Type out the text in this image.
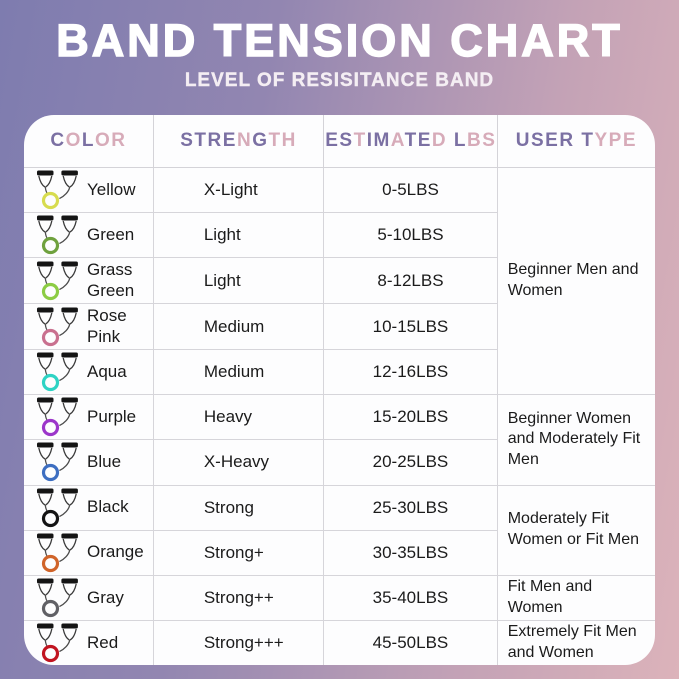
BAND TENSION CHART
LEVEL OF RESISITANCE BAND
COLOR	STRENGTH	ESTIMATED LBS	USER TYPE

Yellow	X-Light	0-5LBS	Beginner Men and Women

Green	Light	5-10LBS	

Grass Green	Light	8-12LBS	

Rose Pink	Medium	10-15LBS	

Aqua	Medium	12-16LBS	

Purple	Heavy	15-20LBS	Beginner Women and Moderately Fit Men

Blue	X-Heavy	20-25LBS	

Black	Strong	25-30LBS	Moderately Fit Women or Fit Men

Orange	Strong+	30-35LBS	

Gray	Strong++	35-40LBS	Fit Men and Women

Red	Strong+++	45-50LBS	Extremely Fit Men and Women
